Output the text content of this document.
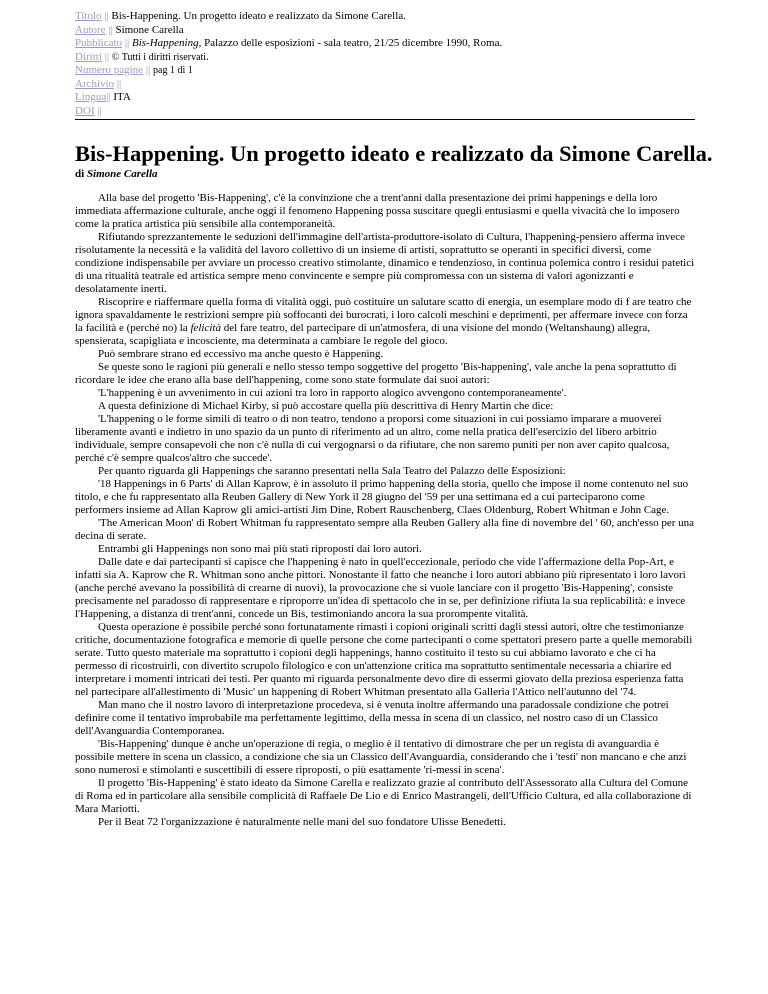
Titolo || Bis-Happening. Un progetto ideato e realizzato da Simone Carella.
Autore || Simone Carella
Pubblicato || Bis-Happening, Palazzo delle esposizioni - sala teatro, 21/25 dicembre 1990, Roma.
Diritti || © Tutti i diritti riservati.
Numero pagine || pag 1 di 1
Archivio ||
Lingua|| ITA
DOI ||
Bis-Happening. Un progetto ideato e realizzato da Simone Carella.
di Simone Carella

Alla base del progetto 'Bis-Happening', c'è la convinzione che a trent'anni dalla presentazione dei primi happenings e della loro immediata affermazione culturale, anche oggi il fenomeno Happening possa suscitare quegli entusiasmi e quella vivacità che lo imposero come la pratica artistica più sensibile alla contemporaneità.

Rifiutando sprezzantemente le seduzioni dell'immagine dell'artista-produttore-isolato di Cultura, l'happening-pensiero afferma invece risolutamente la necessità e la validità del lavoro collettivo di un insieme di artisti, soprattutto se operanti in specifici diversi, come condizione indispensabile per avviare un processo creativo stimolante, dinamico e tendenzioso, in continua polemica contro i residui patetici di una ritualità teatrale ed artistica sempre meno convincente e sempre più compromessa con un sistema di valori agonizzanti e desolatamente inerti.

Riscoprire e riaffermare quella forma di vitalità oggi, può costituire un salutare scatto di energia, un esemplare modo di f are teatro che ignora spavaldamente le restrizioni sempre più soffocanti dei burocrati, i loro calcoli meschini e deprimenti, per affermare invece con forza la facilità e (perché no) la felicità del fare teatro, del partecipare di un'atmosfera, di una visione del mondo (Weltanshaung) allegra, spensierata, scapigliata e incosciente, ma determinata a cambiare le regole del gioco.

Può sembrare strano ed eccessivo ma anche questo è Happening.

Se queste sono le ragioni più generali e nello stesso tempo soggettive del progetto 'Bis-happening', vale anche la pena soprattutto di ricordare le idee che erano alla base dell'happening, come sono state formulate dai suoi autori:

'L'happening è un avvenimento in cui azioni tra loro in rapporto alogico avvengono contemporaneamente'.

A questa definizione di Michael Kirby, si può accostare quella più descrittiva di Henry Martin che dice:

'L'happening o le forme simili di teatro o di non teatro, tendono a proporsi come situazioni in cui possiamo imparare a muoverei liberamente avanti e indietro in uno spazio da un punto di riferimento ad un altro, come nella pratica dell'esercizio del libero arbitrio individuale, sempre consapevoli che non c'è nulla di cui vergognarsi o da rifiutare, che non saremo puniti per non aver capito qualcosa, perché c'è sempre qualcos'altro che succede'.

Per quanto riguarda gli Happenings che saranno presentati nella Sala Teatro del Palazzo delle Esposizioni:

'18 Happenings in 6 Parts' di Allan Kaprow, è in assoluto il primo happening della storia, quello che impose il nome contenuto nel suo titolo, e che fu rappresentato alla Reuben Gallery di New York il 28 giugno del '59 per una settimana ed a cui parteciparono come performers insieme ad Allan Kaprow gli amici-artisti Jim Dine, Robert Rauschenberg, Claes Oldenburg, Robert Whitman e John Cage.

'The American Moon' di Robert Whitman fu rappresentato sempre alla Reuben Gallery alla fine di novembre del ' 60, anch'esso per una decina di serate.

Entrambi gli Happenings non sono mai più stati riproposti dai loro autori.

Dalle date e dai partecipanti si capisce che l'happening è nato in quell'eccezionale, periodo che vide l'affermazione della Pop-Art, e infatti sia A. Kaprow che R. Whitman sono anche pittori. Nonostante il fatto che neanche i loro autori abbiano più ripresentato i loro lavori (anche perché avevano la possibilità di crearne di nuovi), la provocazione che si vuole lanciare con il progetto 'Bis-Happening', consiste precisamente nel paradosso di rappresentare e riproporre un'idea di spettacolo che in se, per definizione rifiuta la sua replicabilità: e invece l'Happening, a distanza di trent'anni, concede un Bis, testimoniando ancora la sua prorompente vitalità.

Questa operazione è possibile perché sono fortunatamente rimasti i copioni originali scritti dagli stessi autori, oltre che testimonianze critiche, documentazione fotografica e memorie di quelle persone che come partecipanti o come spettatori presero parte a quelle memorabili serate. Tutto questo materiale ma soprattutto i copioni degli happenings, hanno costituito il testo su cui abbiamo lavorato e che ci ha permesso di ricostruirli, con divertito scrupolo filologico e con un'attenzione critica ma soprattutto sentimentale necessaria a chiarire ed interpretare i momenti intricati dei testi. Per quanto mi riguarda personalmente devo dire di essermi giovato della preziosa esperienza fatta nel partecipare all'allestimento di 'Music' un happening di Robert Whitman presentato alla Galleria l'Attico nell'autunno del '74.

Man mano che il nostro lavoro di interpretazione procedeva, si è venuta inoltre affermando una paradossale condizione che potrei definire come il tentativo improbabile ma perfettamente legittimo, della messa in scena di un classico, nel nostro caso di un Classico dell'Avanguardia Contemporanea.

'Bis-Happening' dunque è anche un'operazione di regia, o meglio è il tentativo di dimostrare che per un regista di avanguardia è possibile mettere in scena un classico, a condizione che sia un Classico dell'Avanguardia, considerando che i 'testi' non mancano e che anzi sono numerosi e stimolanti e suscettibili di essere riproposti, o più esattamente 'ri-messi in scena'.

Il progetto 'Bis-Happening' è stato ideato da Simone Carella e realizzato grazie al contributo dell'Assessorato alla Cultura del Comune di Roma ed in particolare alla sensibile complicità di Raffaele De Lio e di Enrico Mastrangeli, dell'Ufficio Cultura, ed alla collaborazione di Mara Mariotti.

Per il Beat 72 l'organizzazione è naturalmente nelle mani del suo fondatore Ulisse Benedetti.
